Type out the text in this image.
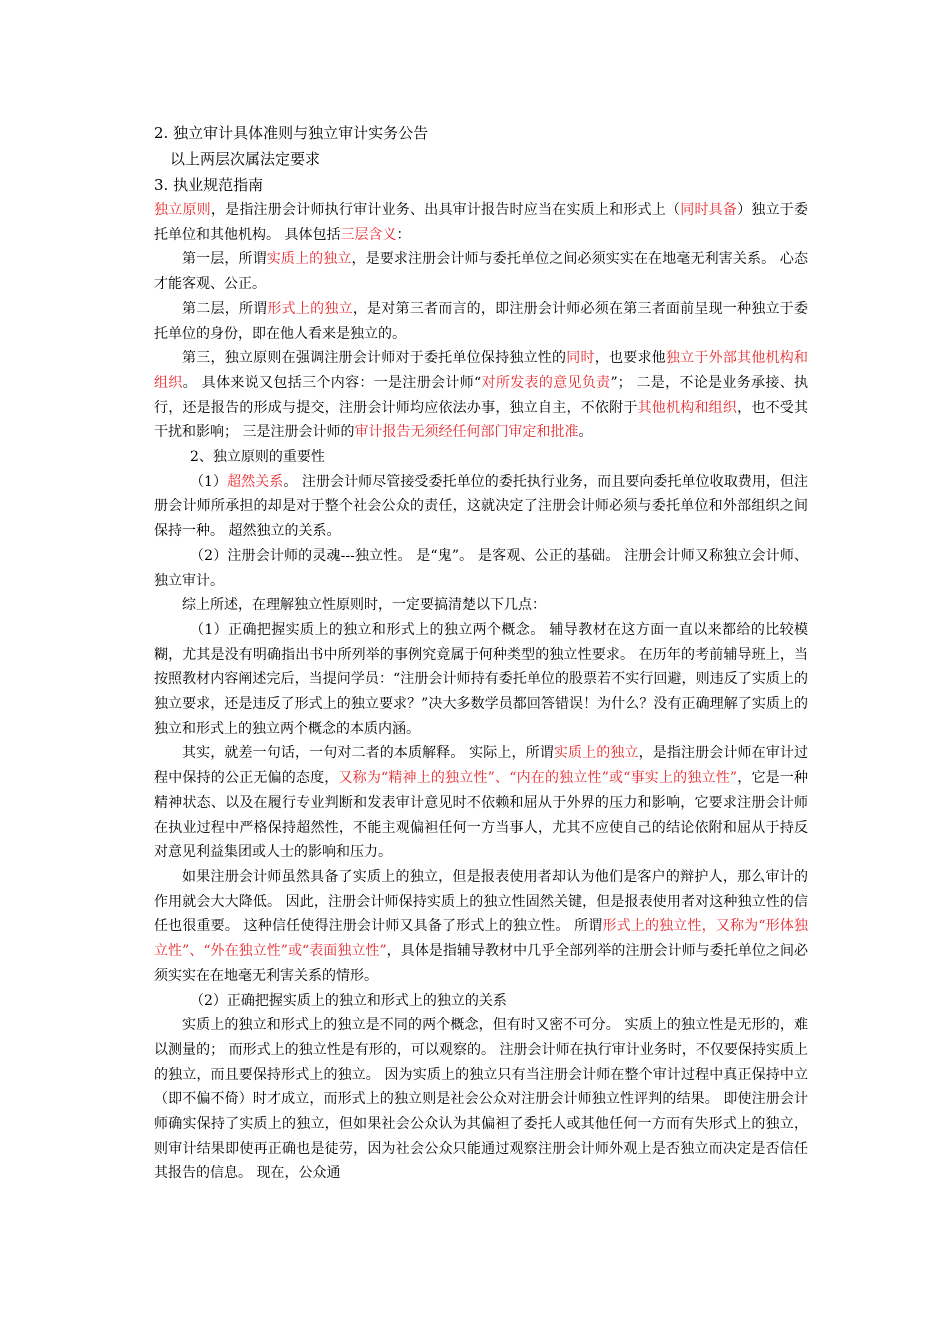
2. 独立审计具体准则与独立审计实务公告
以上两层次属法定要求
3. 执业规范指南

独立原则，是指注册会计师执行审计业务、出具审计报告时应当在实质上和形式上（同时具备）独立于委托单位和其他机构。 具体包括三层含义：

第一层，所谓实质上的独立，是要求注册会计师与委托单位之间必须实实在在地毫无利害关系。 心态才能客观、公正。

第二层，所谓形式上的独立，是对第三者而言的，即注册会计师必须在第三者面前呈现一种独立于委托单位的身份，即在他人看来是独立的。

第三，独立原则在强调注册会计师对于委托单位保持独立性的同时，也要求他独立于外部其他机构和组织。 具体来说又包括三个内容：一是注册会计师“对所发表的意见负责”； 二是，不论是业务承接、执行，还是报告的形成与提交，注册会计师均应依法办事，独立自主，不依附于其他机构和组织，也不受其干扰和影响； 三是注册会计师的审计报告无须经任何部门审定和批准。

2、独立原则的重要性

（1）超然关系。 注册会计师尽管接受委托单位的委托执行业务，而且要向委托单位收取费用，但注册会计师所承担的却是对于整个社会公众的责任，这就决定了注册会计师必须与委托单位和外部组织之间保持一种。 超然独立的关系。

（2）注册会计师的灵魂---独立性。 是“鬼”。 是客观、公正的基础。 注册会计师又称独立会计师、独立审计。

综上所述，在理解独立性原则时，一定要搞清楚以下几点：

（1）正确把握实质上的独立和形式上的独立两个概念。 辅导教材在这方面一直以来都给的比较模糊，尤其是没有明确指出书中所列举的事例究竟属于何种类型的独立性要求。 在历年的考前辅导班上，当按照教材内容阐述完后，当提问学员：“注册会计师持有委托单位的股票若不实行回避，则违反了实质上的独立要求，还是违反了形式上的独立要求？”决大多数学员都回答错误！为什么？没有正确理解了实质上的独立和形式上的独立两个概念的本质内涵。

其实，就差一句话，一句对二者的本质解释。 实际上，所谓实质上的独立，是指注册会计师在审计过程中保持的公正无偏的态度，又称为“精神上的独立性”、“内在的独立性”或“事实上的独立性”，它是一种精神状态、以及在履行专业判断和发表审计意见时不依赖和屈从于外界的压力和影响，它要求注册会计师在执业过程中严格保持超然性，不能主观偏袒任何一方当事人，尤其不应使自己的结论依附和屈从于持反对意见利益集团或人士的影响和压力。

如果注册会计师虽然具备了实质上的独立，但是报表使用者却认为他们是客户的辩护人，那么审计的作用就会大大降低。 因此，注册会计师保持实质上的独立性固然关键，但是报表使用者对这种独立性的信任也很重要。 这种信任使得注册会计师又具备了形式上的独立性。 所谓形式上的独立性，又称为“形体独立性”、“外在独立性”或“表面独立性”，具体是指辅导教材中几乎全部列举的注册会计师与委托单位之间必须实实在在地毫无利害关系的情形。

（2）正确把握实质上的独立和形式上的独立的关系

实质上的独立和形式上的独立是不同的两个概念，但有时又密不可分。 实质上的独立性是无形的，难以测量的； 而形式上的独立性是有形的，可以观察的。 注册会计师在执行审计业务时，不仅要保持实质上的独立，而且要保持形式上的独立。 因为实质上的独立只有当注册会计师在整个审计过程中真正保持中立（即不偏不倚）时才成立，而形式上的独立则是社会公众对注册会计师独立性评判的结果。 即使注册会计师确实保持了实质上的独立，但如果社会公众认为其偏袒了委托人或其他任何一方而有失形式上的独立，则审计结果即使再正确也是徒劳，因为社会公众只能通过观察注册会计师外观上是否独立而决定是否信任其报告的信息。 现在，公众通
